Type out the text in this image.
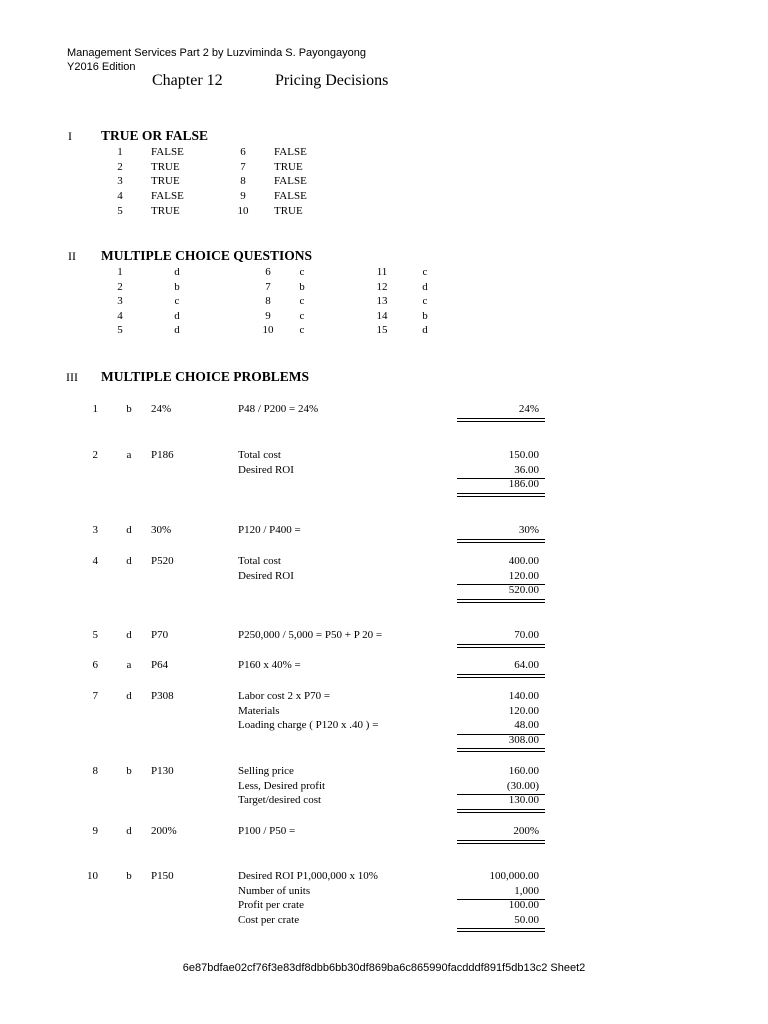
Management Services Part 2 by Luzviminda S. Payongayong
Y2016 Edition
Chapter 12	Pricing Decisions
I TRUE OR FALSE
1	FALSE
2	TRUE
3	TRUE
4	FALSE
5	TRUE
6	FALSE
7	TRUE
8	FALSE
9	FALSE
10	TRUE
II MULTIPLE CHOICE QUESTIONS
1	d
2	b
3	c
4	d
5	d
6	c
7	b
8	c
9	c
10	c
11	c
12	d
13	c
14	b
15	d
III MULTIPLE CHOICE PROBLEMS
1	b 24%	P48 / P200 = 24%	24%
2	a	P186	Total cost	150.00
Desired ROI	36.00
186.00
3	d 30%	P120 / P400 =	30%
4	d P520	Total cost	400.00
Desired ROI	120.00
520.00
5	d P70	P250,000 / 5,000 = P50 + P 20 =	70.00
6	a	P64	P160 x 40% =	64.00
7	d P308	Labor cost 2 x P70 =	140.00
Materials	120.00
Loading charge ( P120 x .40 ) =	48.00
308.00
8	b P130	Selling price	160.00
Less, Desired profit	(30.00)
Target/desired cost	130.00
9	d 200%	P100 / P50 =	200%
10	b P150	Desired ROI P1,000,000 x 10%	100,000.00
Number of units	1,000
Profit per crate	100.00
Cost per crate	50.00
6e87bdfae02cf76f3e83df8dbb6bb30df869ba6c865990facdddf891f5db13c2 Sheet2
